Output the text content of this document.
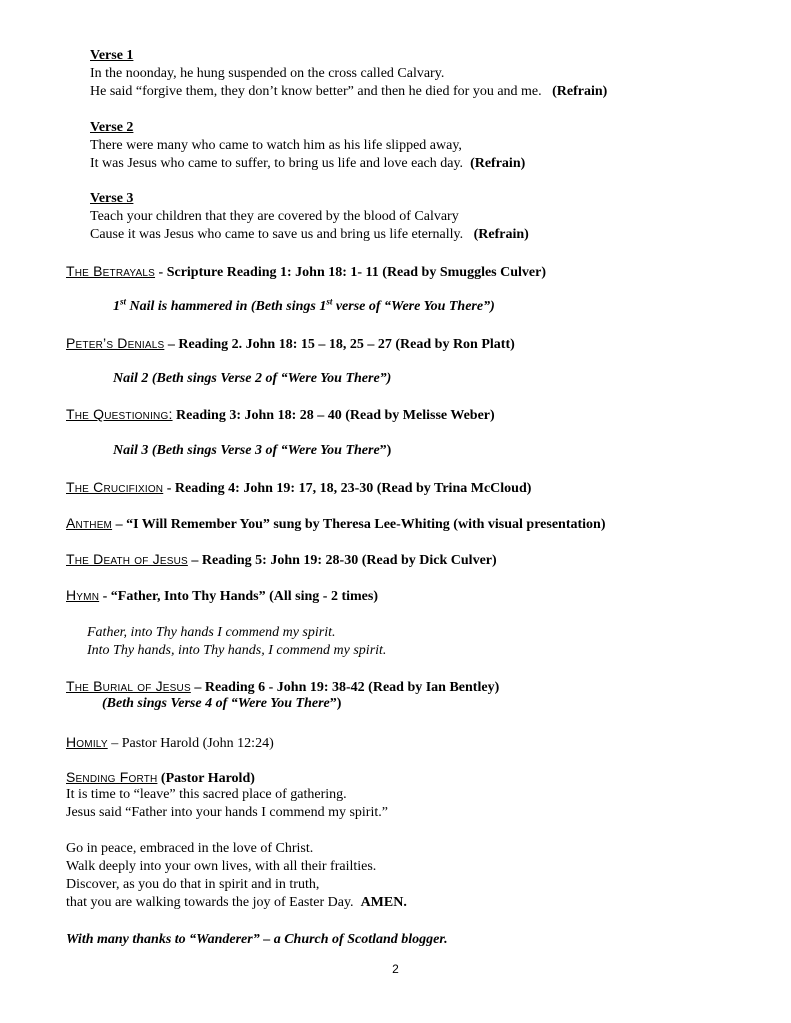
Verse 1
In the noonday, he hung suspended on the cross called Calvary.
He said “forgive them, they don’t know better” and then he died for you and me. (Refrain)
Verse 2
There were many who came to watch him as his life slipped away,
It was Jesus who came to suffer, to bring us life and love each day. (Refrain)
Verse 3
Teach your children that they are covered by the blood of Calvary
Cause it was Jesus who came to save us and bring us life eternally. (Refrain)
The Betrayals - Scripture Reading 1: John 18: 1- 11 (Read by Smuggles Culver)
1st Nail is hammered in (Beth sings 1st verse of “Were You There”)
Peter’s Denials – Reading 2. John 18: 15 – 18, 25 – 27 (Read by Ron Platt)
Nail 2 (Beth sings Verse 2 of “Were You There”)
The Questioning: Reading 3: John 18: 28 – 40 (Read by Melisse Weber)
Nail 3 (Beth sings Verse 3 of “Were You There”)
The Crucifixion - Reading 4: John 19: 17, 18, 23-30 (Read by Trina McCloud)
Anthem – “I Will Remember You” sung by Theresa Lee-Whiting (with visual presentation)
The Death of Jesus – Reading 5: John 19: 28-30 (Read by Dick Culver)
Hymn - “Father, Into Thy Hands” (All sing - 2 times)
Father, into Thy hands I commend my spirit.
Into Thy hands, into Thy hands, I commend my spirit.
The Burial of Jesus – Reading 6 - John 19: 38-42 (Read by Ian Bentley)
(Beth sings Verse 4 of “Were You There”)
Homily – Pastor Harold (John 12:24)
Sending Forth (Pastor Harold)
It is time to “leave” this sacred place of gathering.
Jesus said “Father into your hands I commend my spirit.”
Go in peace, embraced in the love of Christ.
Walk deeply into your own lives, with all their frailties.
Discover, as you do that in spirit and in truth,
that you are walking towards the joy of Easter Day. AMEN.
With many thanks to “Wanderer” – a Church of Scotland blogger.
2
